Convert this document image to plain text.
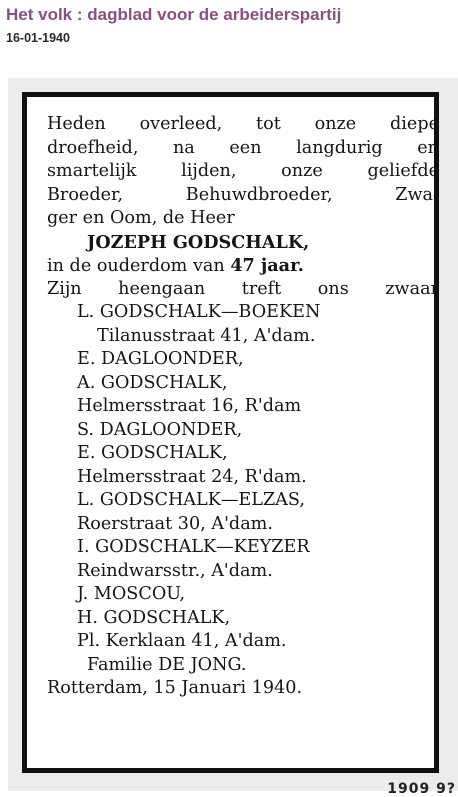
Het volk : dagblad voor de arbeiderspartij
16-01-1940
Heden overleed, tot onze diepe
droefheid, na een langdurig en
smartelijk lijden, onze geliefde
Broeder, Behuwdbroeder, Zwa-
ger en Oom, de Heer
JOZEPH GODSCHALK,
in de ouderdom van 47 jaar.
Zijn heengaan treft ons zwaar
L. GODSCHALK—BOEKEN
Tilanusstraat 41, A'dam.
E. DAGLOONDER,
A. GODSCHALK,
Helmersstraat 16, R'dam
S. DAGLOONDER,
E. GODSCHALK,
Helmersstraat 24, R'dam.
L. GODSCHALK—ELZAS,
Roerstraat 30, A'dam.
I. GODSCHALK—KEYZER
Reindwarsstr., A'dam.
J. MOSCOU,
H. GODSCHALK,
Pl. Kerklaan 41, A'dam.
Familie DE JONG.
Rotterdam, 15 Januari 1940.
1909 9?
